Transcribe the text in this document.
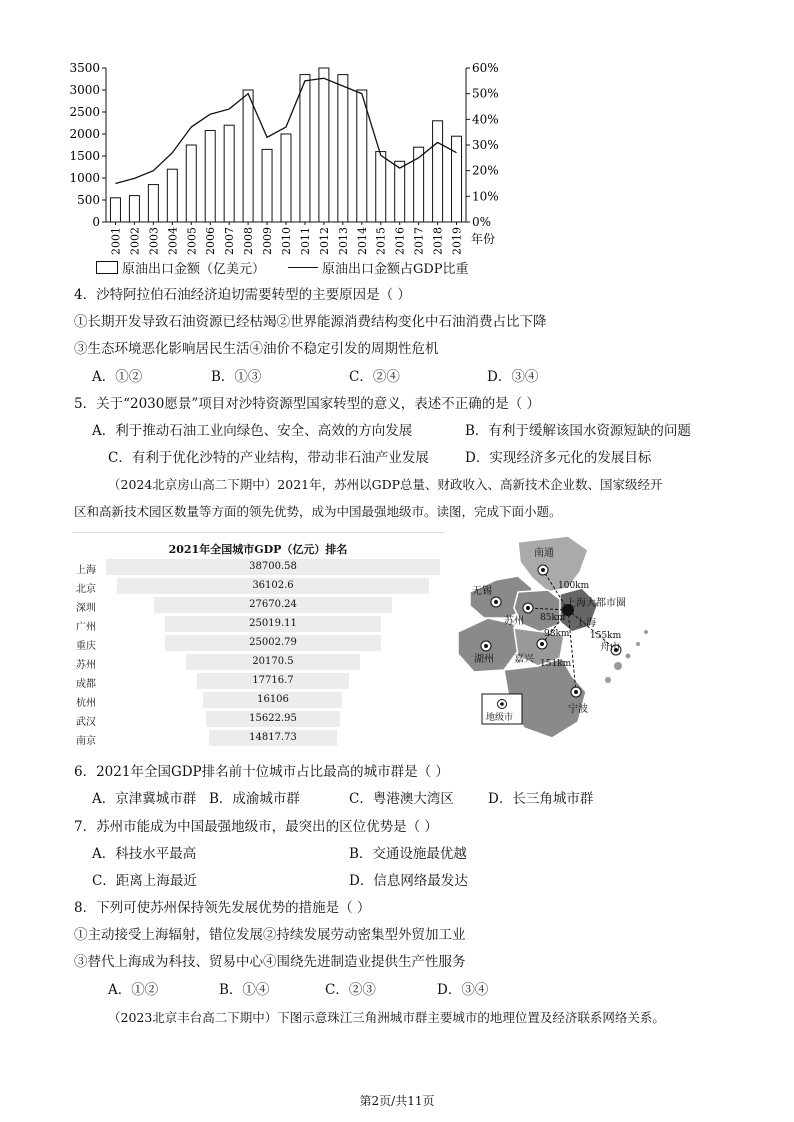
0
500
1000
1500
2000
2500
3000
3500
0%
10%
20%
30%
40%
50%
60%
2001 2002 2003 2004 2005 2006 2007 2008 2009 2010 2011 2012 2013 2014 2015 2016 2017 2018 2019 年份
原油出口金额（亿美元）	原油出口金额占GDP比重
4．沙特阿拉伯石油经济迫切需要转型的主要原因是（ ）
①长期开发导致石油资源已经枯竭②世界能源消费结构变化中石油消费占比下降
③生态环境恶化影响居民生活④油价不稳定引发的周期性危机
A．①②	B．①③	C．②④	D．③④
5．关于“2030愿景”项目对沙特资源型国家转型的意义，表述不正确的是（ ）
A．利于推动石油工业向绿色、安全、高效的方向发展	B．有利于缓解该国水资源短缺的问题
C．有利于优化沙特的产业结构，带动非石油产业发展	D．实现经济多元化的发展目标
（2024北京房山高二下期中）2021年，苏州以GDP总量、财政收入、高新技术企业数、国家级经开
区和高新技术园区数量等方面的领先优势，成为中国最强地级市。读图，完成下面小题。
2021年全国城市GDP（亿元）排名
上海	38700.58
北京	36102.6
深圳	27670.24
广州	25019.11
重庆	25002.79
苏州	20170.5
成都	17716.7
杭州	16106
武汉	15622.95
南京	14817.73
南通
无锡
苏州	上海
湖州 嘉兴
舟山
宁波
上海大都市圈
100km
85km
98km
151km
155km
地级市
6．2021年全国GDP排名前十位城市占比最高的城市群是（ ）
A．京津冀城市群 B．成渝城市群	C．粤港澳大湾区	D．长三角城市群
7．苏州市能成为中国最强地级市，最突出的区位优势是（ ）
A．科技水平最高	B．交通设施最优越
C．距离上海最近	D．信息网络最发达
8．下列可使苏州保持领先发展优势的措施是（ ）
①主动接受上海辐射，错位发展②持续发展劳动密集型外贸加工业
③替代上海成为科技、贸易中心④围绕先进制造业提供生产性服务
A．①②	B．①④	C．②③	D．③④
（2023北京丰台高二下期中）下图示意珠江三角洲城市群主要城市的地理位置及经济联系网络关系。
第2页/共11页
